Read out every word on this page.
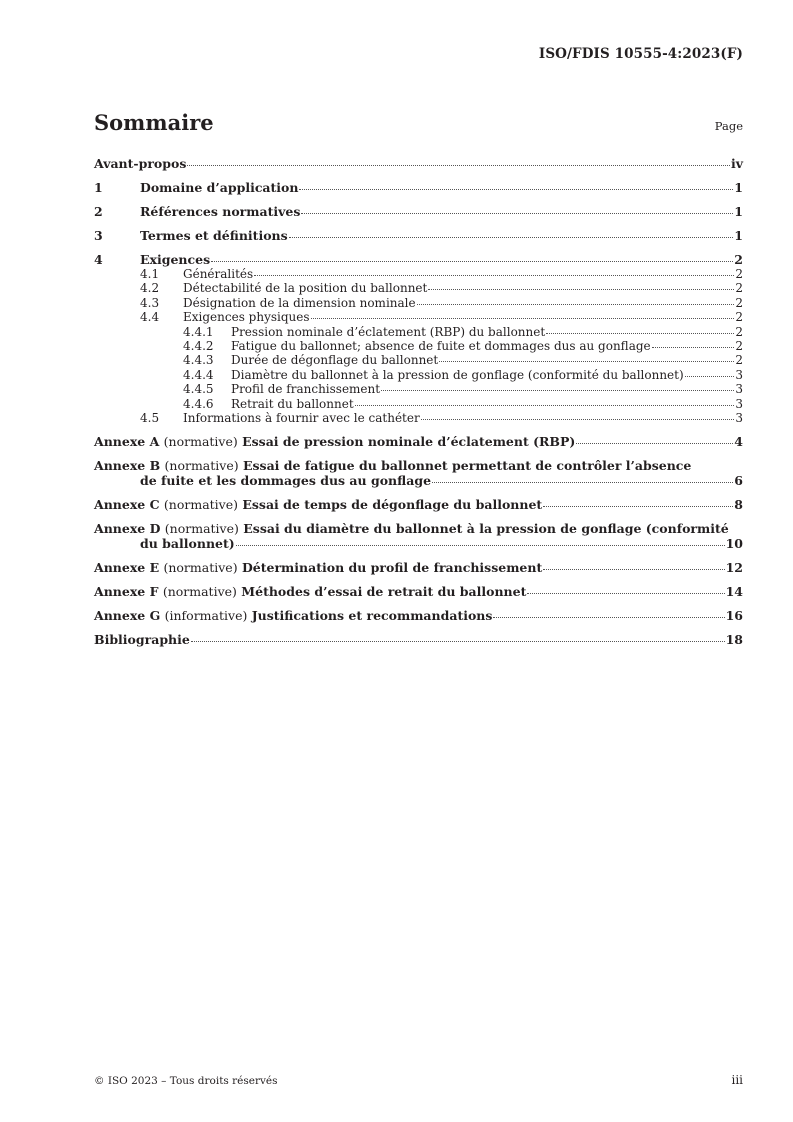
ISO/FDIS 10555-4:2023(F)
Sommaire	Page
Avant-propos	iv
1	Domaine d’application	1
2	Références normatives	1
3	Termes et définitions	1
4	Exigences	2
4.1	Généralités	2
4.2	Détectabilité de la position du ballonnet	2
4.3	Désignation de la dimension nominale	2
4.4	Exigences physiques	2
4.4.1	Pression nominale d’éclatement (RBP) du ballonnet	2
4.4.2	Fatigue du ballonnet; absence de fuite et dommages dus au gonflage	2
4.4.3	Durée de dégonflage du ballonnet	2
4.4.4	Diamètre du ballonnet à la pression de gonflage (conformité du ballonnet)	3
4.4.5	Profil de franchissement	3
4.4.6	Retrait du ballonnet	3
4.5	Informations à fournir avec le cathéter	3
Annexe A (normative) Essai de pression nominale d’éclatement (RBP)	4
Annexe B (normative) Essai de fatigue du ballonnet permettant de contrôler l’absence
de fuite et les dommages dus au gonflage	6
Annexe C (normative) Essai de temps de dégonflage du ballonnet	8
Annexe D (normative) Essai du diamètre du ballonnet à la pression de gonflage (conformité
du ballonnet)	10
Annexe E (normative) Détermination du profil de franchissement	12
Annexe F (normative) Méthodes d’essai de retrait du ballonnet	14
Annexe G (informative) Justifications et recommandations	16
Bibliographie	18
© ISO 2023 – Tous droits réservés	iii
